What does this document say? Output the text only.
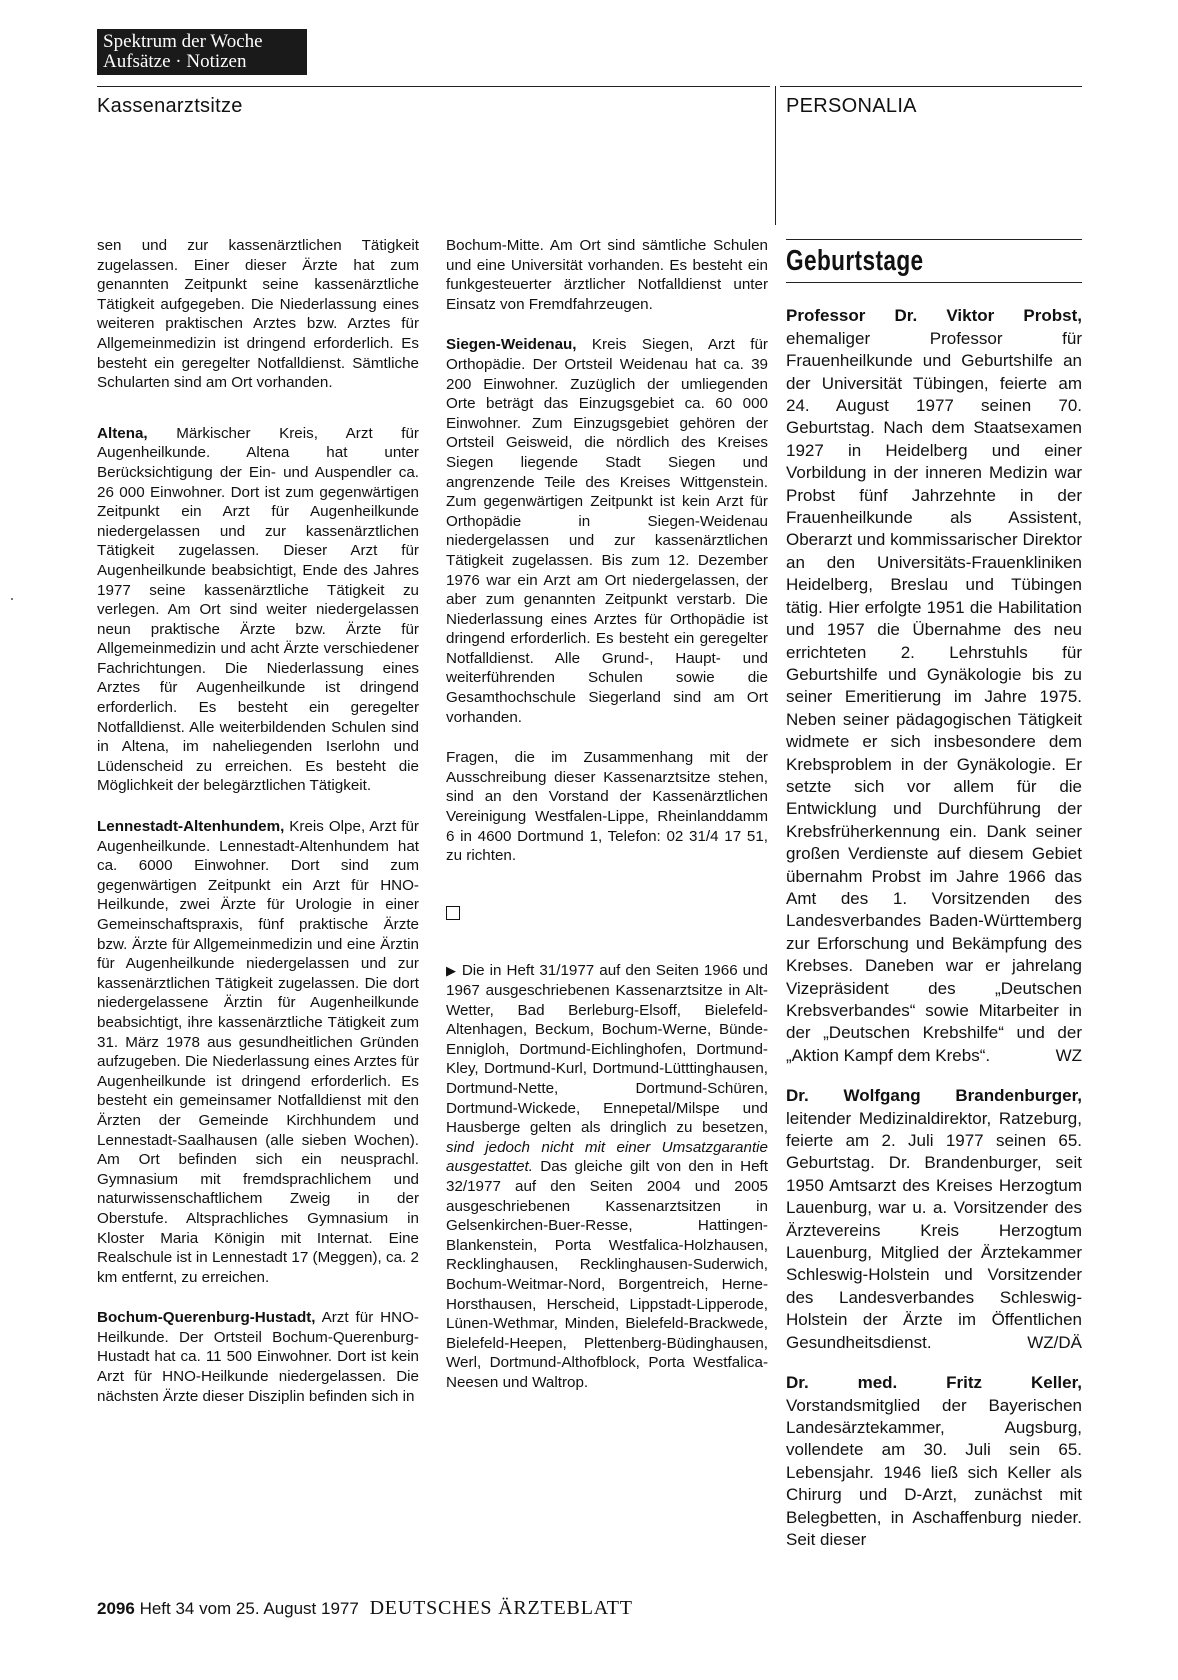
Spektrum der Woche
Aufsätze · Notizen
Kassenarztsitze	PERSONALIA

sen und zur kassenärztlichen Tätigkeit zugelassen. Einer dieser Ärzte hat zum genannten Zeitpunkt seine kassenärztliche Tätigkeit aufgegeben. Die Niederlassung eines weiteren praktischen Arztes bzw. Arztes für Allgemeinmedizin ist dringend erforderlich. Es besteht ein geregelter Notfalldienst. Sämtliche Schularten sind am Ort vorhanden.

Altena, Märkischer Kreis, Arzt für Augenheilkunde. Altena hat unter Berücksichtigung der Ein- und Auspendler ca. 26 000 Einwohner. Dort ist zum gegenwärtigen Zeitpunkt ein Arzt für Augenheilkunde niedergelassen und zur kassenärztlichen Tätigkeit zugelassen. Dieser Arzt für Augenheilkunde beabsichtigt, Ende des Jahres 1977 seine kassenärztliche Tätigkeit zu verlegen. Am Ort sind weiter niedergelassen neun praktische Ärzte bzw. Ärzte für Allgemeinmedizin und acht Ärzte verschiedener Fachrichtungen. Die Niederlassung eines Arztes für Augenheilkunde ist dringend erforderlich. Es besteht ein geregelter Notfalldienst. Alle weiterbildenden Schulen sind in Altena, im naheliegenden Iserlohn und Lüdenscheid zu erreichen. Es besteht die Möglichkeit der belegärztlichen Tätigkeit.

Lennestadt-Altenhundem, Kreis Olpe, Arzt für Augenheilkunde. Lennestadt-Altenhundem hat ca. 6000 Einwohner. Dort sind zum gegenwärtigen Zeitpunkt ein Arzt für HNO-Heilkunde, zwei Ärzte für Urologie in einer Gemeinschaftspraxis, fünf praktische Ärzte bzw. Ärzte für Allgemeinmedizin und eine Ärztin für Augenheilkunde niedergelassen und zur kassenärztlichen Tätigkeit zugelassen. Die dort niedergelassene Ärztin für Augenheilkunde beabsichtigt, ihre kassenärztliche Tätigkeit zum 31. März 1978 aus gesundheitlichen Gründen aufzugeben. Die Niederlassung eines Arztes für Augenheilkunde ist dringend erforderlich. Es besteht ein gemeinsamer Notfalldienst mit den Ärzten der Gemeinde Kirchhundem und Lennestadt-Saalhausen (alle sieben Wochen). Am Ort befinden sich ein neusprachl. Gymnasium mit fremdsprachlichem und naturwissenschaftlichem Zweig in der Oberstufe. Altsprachliches Gymnasium in Kloster Maria Königin mit Internat. Eine Realschule ist in Lennestadt 17 (Meggen), ca. 2 km entfernt, zu erreichen.

Bochum-Querenburg-Hustadt, Arzt für HNO-Heilkunde. Der Ortsteil Bochum-Querenburg-Hustadt hat ca. 11 500 Einwohner. Dort ist kein Arzt für HNO-Heilkunde niedergelassen. Die nächsten Ärzte dieser Disziplin befinden sich in

Bochum-Mitte. Am Ort sind sämtliche Schulen und eine Universität vorhanden. Es besteht ein funkgesteuerter ärztlicher Notfalldienst unter Einsatz von Fremdfahrzeugen.

Siegen-Weidenau, Kreis Siegen, Arzt für Orthopädie. Der Ortsteil Weidenau hat ca. 39 200 Einwohner. Zuzüglich der umliegenden Orte beträgt das Einzugsgebiet ca. 60 000 Einwohner. Zum Einzugsgebiet gehören der Ortsteil Geisweid, die nördlich des Kreises Siegen liegende Stadt Siegen und angrenzende Teile des Kreises Wittgenstein. Zum gegenwärtigen Zeitpunkt ist kein Arzt für Orthopädie in Siegen-Weidenau niedergelassen und zur kassenärztlichen Tätigkeit zugelassen. Bis zum 12. Dezember 1976 war ein Arzt am Ort niedergelassen, der aber zum genannten Zeitpunkt verstarb. Die Niederlassung eines Arztes für Orthopädie ist dringend erforderlich. Es besteht ein geregelter Notfalldienst. Alle Grund-, Haupt- und weiterführenden Schulen sowie die Gesamthochschule Siegerland sind am Ort vorhanden.

Fragen, die im Zusammenhang mit der Ausschreibung dieser Kassenarztsitze stehen, sind an den Vorstand der Kassenärztlichen Vereinigung Westfalen-Lippe, Rheinlanddamm 6 in 4600 Dortmund 1, Telefon: 02 31/4 17 51, zu richten.

▶ Die in Heft 31/1977 auf den Seiten 1966 und 1967 ausgeschriebenen Kassenarztsitze in Alt-Wetter, Bad Berleburg-Elsoff, Bielefeld-Altenhagen, Beckum, Bochum-Werne, Bünde-Ennigloh, Dortmund-Eichlinghofen, Dortmund-Kley, Dortmund-Kurl, Dortmund-Lütttinghausen, Dortmund-Nette, Dortmund-Schüren, Dortmund-Wickede, Ennepetal/Milspe und Hausberge gelten als dringlich zu besetzen, sind jedoch nicht mit einer Umsatzgarantie ausgestattet. Das gleiche gilt von den in Heft 32/1977 auf den Seiten 2004 und 2005 ausgeschriebenen Kassenarztsitzen in Gelsenkirchen-Buer-Resse, Hattingen-Blankenstein, Porta Westfalica-Holzhausen, Recklinghausen, Recklinghausen-Suderwich, Bochum-Weitmar-Nord, Borgentreich, Herne-Horsthausen, Herscheid, Lippstadt-Lipperode, Lünen-Wethmar, Minden, Bielefeld-Brackwede, Bielefeld-Heepen, Plettenberg-Büdinghausen, Werl, Dortmund-Althofblock, Porta Westfalica-Neesen und Waltrop.

Geburtstage

Professor Dr. Viktor Probst, ehemaliger Professor für Frauenheilkunde und Geburtshilfe an der Universität Tübingen, feierte am 24. August 1977 seinen 70. Geburtstag. Nach dem Staatsexamen 1927 in Heidelberg und einer Vorbildung in der inneren Medizin war Probst fünf Jahrzehnte in der Frauenheilkunde als Assistent, Oberarzt und kommissarischer Direktor an den Universitäts-Frauenkliniken Heidelberg, Breslau und Tübingen tätig. Hier erfolgte 1951 die Habilitation und 1957 die Übernahme des neu errichteten 2. Lehrstuhls für Geburtshilfe und Gynäkologie bis zu seiner Emeritierung im Jahre 1975. Neben seiner pädagogischen Tätigkeit widmete er sich insbesondere dem Krebsproblem in der Gynäkologie. Er setzte sich vor allem für die Entwicklung und Durchführung der Krebsfrüherkennung ein. Dank seiner großen Verdienste auf diesem Gebiet übernahm Probst im Jahre 1966 das Amt des 1. Vorsitzenden des Landesverbandes Baden-Württemberg zur Erforschung und Bekämpfung des Krebses. Daneben war er jahrelang Vizepräsident des „Deutschen Krebsverbandes“ sowie Mitarbeiter in der „Deutschen Krebshilfe“ und der „Aktion Kampf dem Krebs“.	WZ

Dr. Wolfgang Brandenburger, leitender Medizinaldirektor, Ratzeburg, feierte am 2. Juli 1977 seinen 65. Geburtstag. Dr. Brandenburger, seit 1950 Amtsarzt des Kreises Herzogtum Lauenburg, war u. a. Vorsitzender des Ärztevereins Kreis Herzogtum Lauenburg, Mitglied der Ärztekammer Schleswig-Holstein und Vorsitzender des Landesverbandes Schleswig-Holstein der Ärzte im Öffentlichen Gesundheitsdienst.	WZ/DÄ

Dr. med. Fritz Keller, Vorstandsmitglied der Bayerischen Landesärztekammer, Augsburg, vollendete am 30. Juli sein 65. Lebensjahr. 1946 ließ sich Keller als Chirurg und D-Arzt, zunächst mit Belegbetten, in Aschaffenburg nieder. Seit dieser

2096 Heft 34 vom 25. August 1977 DEUTSCHES ÄRZTEBLATT
